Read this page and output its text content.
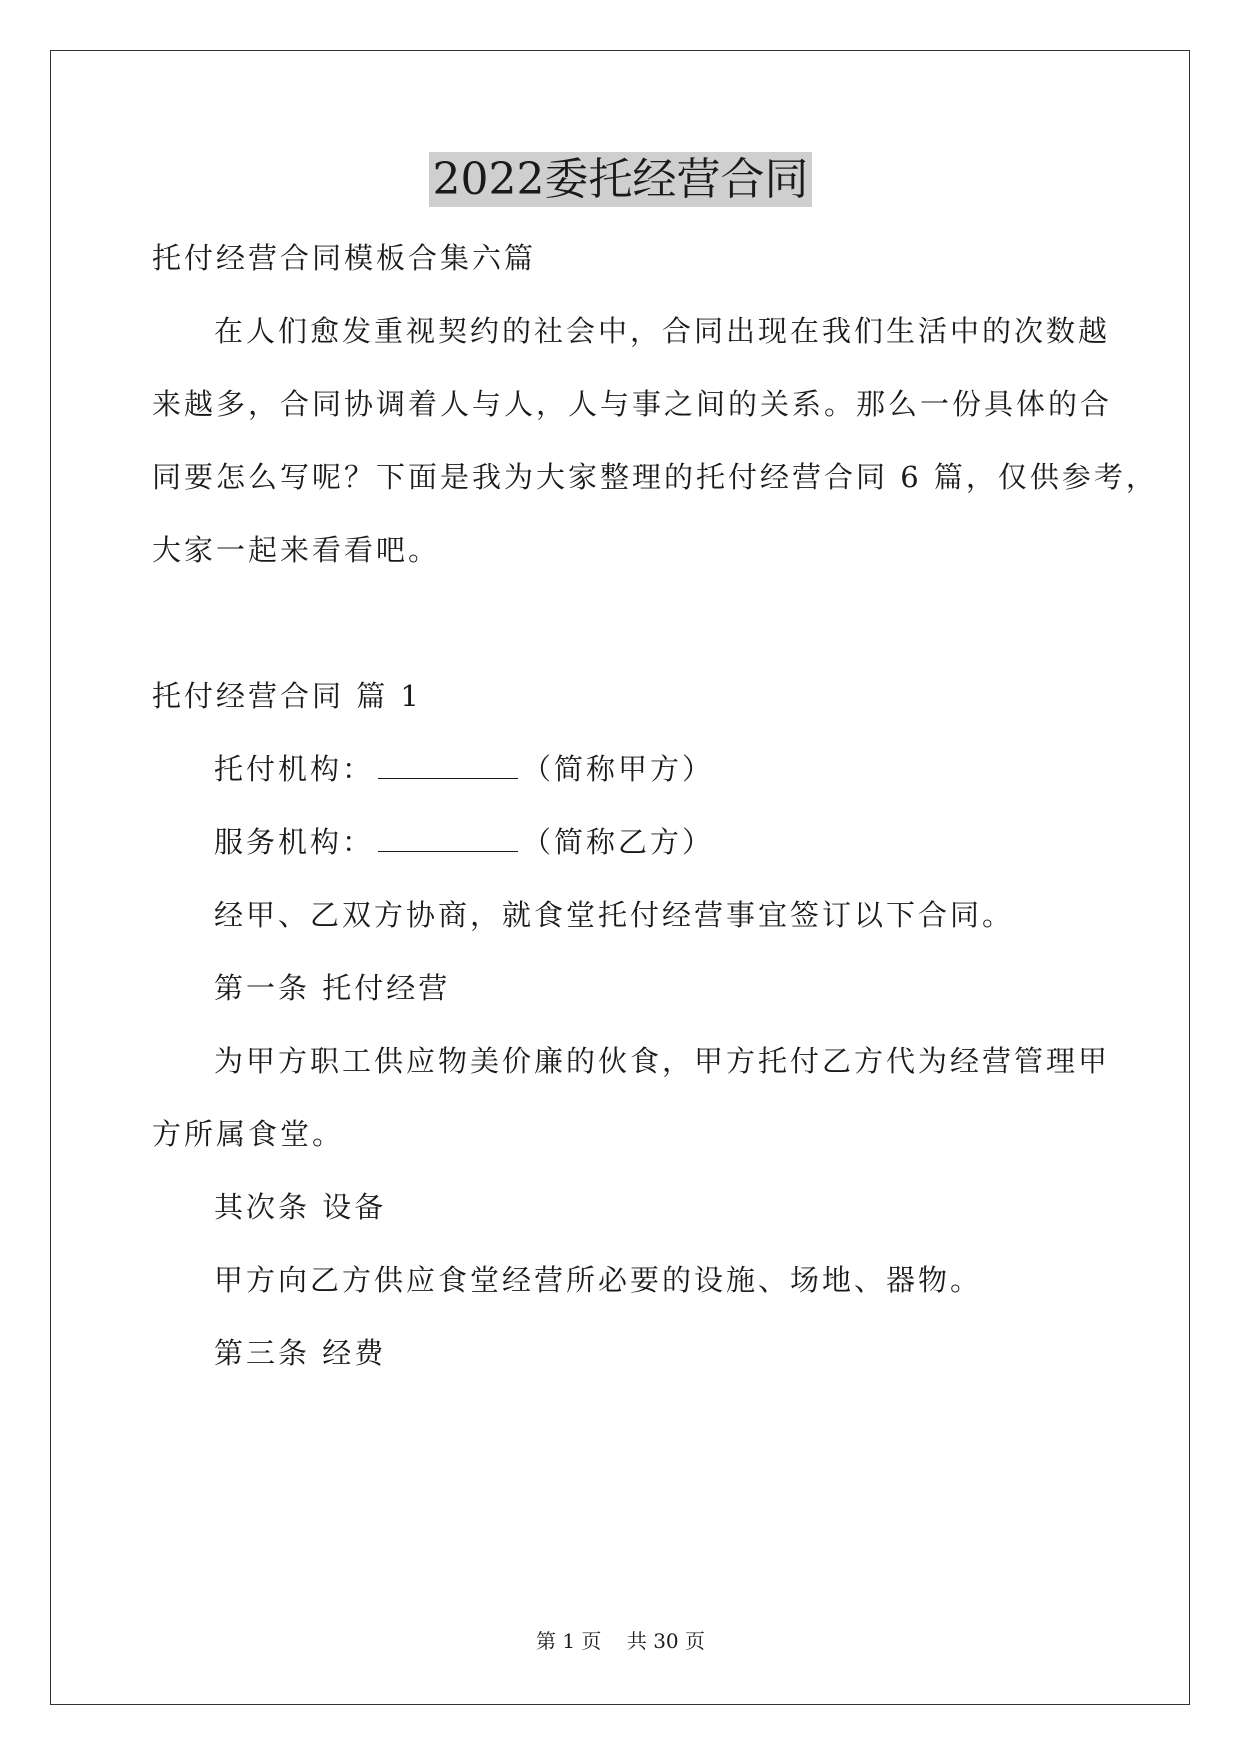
2022委托经营合同
托付经营合同模板合集六篇
在人们愈发重视契约的社会中，合同出现在我们生活中的次数越
来越多，合同协调着人与人，人与事之间的关系。那么一份具体的合
同要怎么写呢？下面是我为大家整理的托付经营合同 6 篇，仅供参考，
大家一起来看看吧。
托付经营合同 篇 1
托付机构：	（简称甲方）
服务机构：	（简称乙方）
经甲、乙双方协商，就食堂托付经营事宜签订以下合同。
第一条 托付经营
为甲方职工供应物美价廉的伙食，甲方托付乙方代为经营管理甲
方所属食堂。
其次条 设备
甲方向乙方供应食堂经营所必要的设施、场地、器物。
第三条 经费
第 1 页    共 30 页
